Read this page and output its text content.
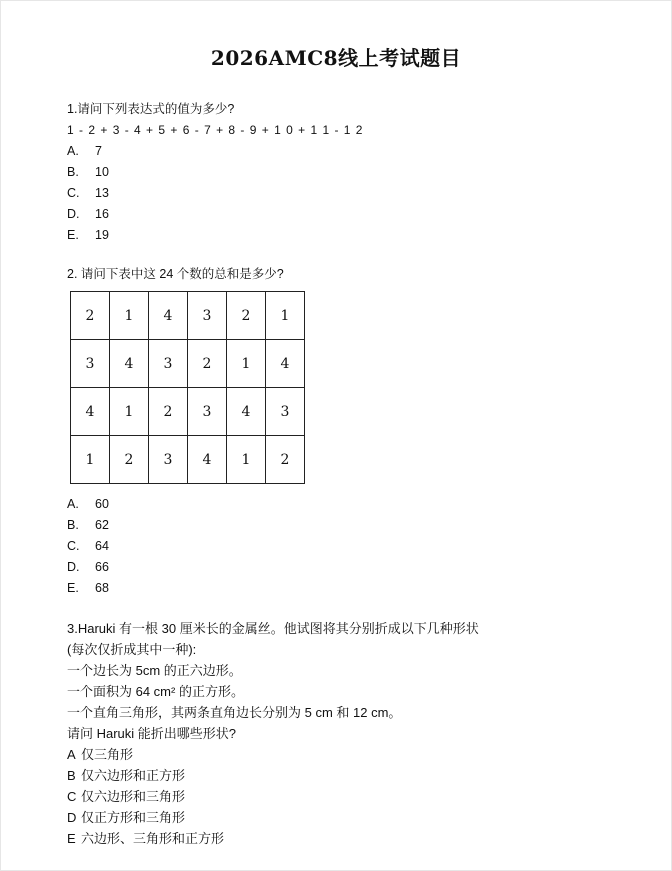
2026AMC8线上考试题目
1.请问下列表达式的值为多少?
1 - 2 + 3 - 4 + 5 + 6 - 7 + 8 - 9 + 1 0 + 1 1 - 1 2
A.	7
B.	10
C.	13
D.	16
E.	19
2. 请问下表中这 24 个数的总和是多少?
2	1	4	3	2	1
3	4	3	2	1	4
4	1	2	3	4	3
1	2	3	4	1	2
A.	60
B.	62
C.	64
D.	66
E.	68
3.Haruki 有一根 30 厘米长的金属丝。他试图将其分别折成以下几种形状
(每次仅折成其中一种):
一个边长为 5cm 的正六边形。
一个面积为 64 cm² 的正方形。
一个直角三角形，其两条直角边长分别为 5 cm 和 12 cm。
请问 Haruki 能折出哪些形状?
A 仅三角形
B 仅六边形和正方形
C 仅六边形和三角形
D 仅正方形和三角形
E 六边形、三角形和正方形
